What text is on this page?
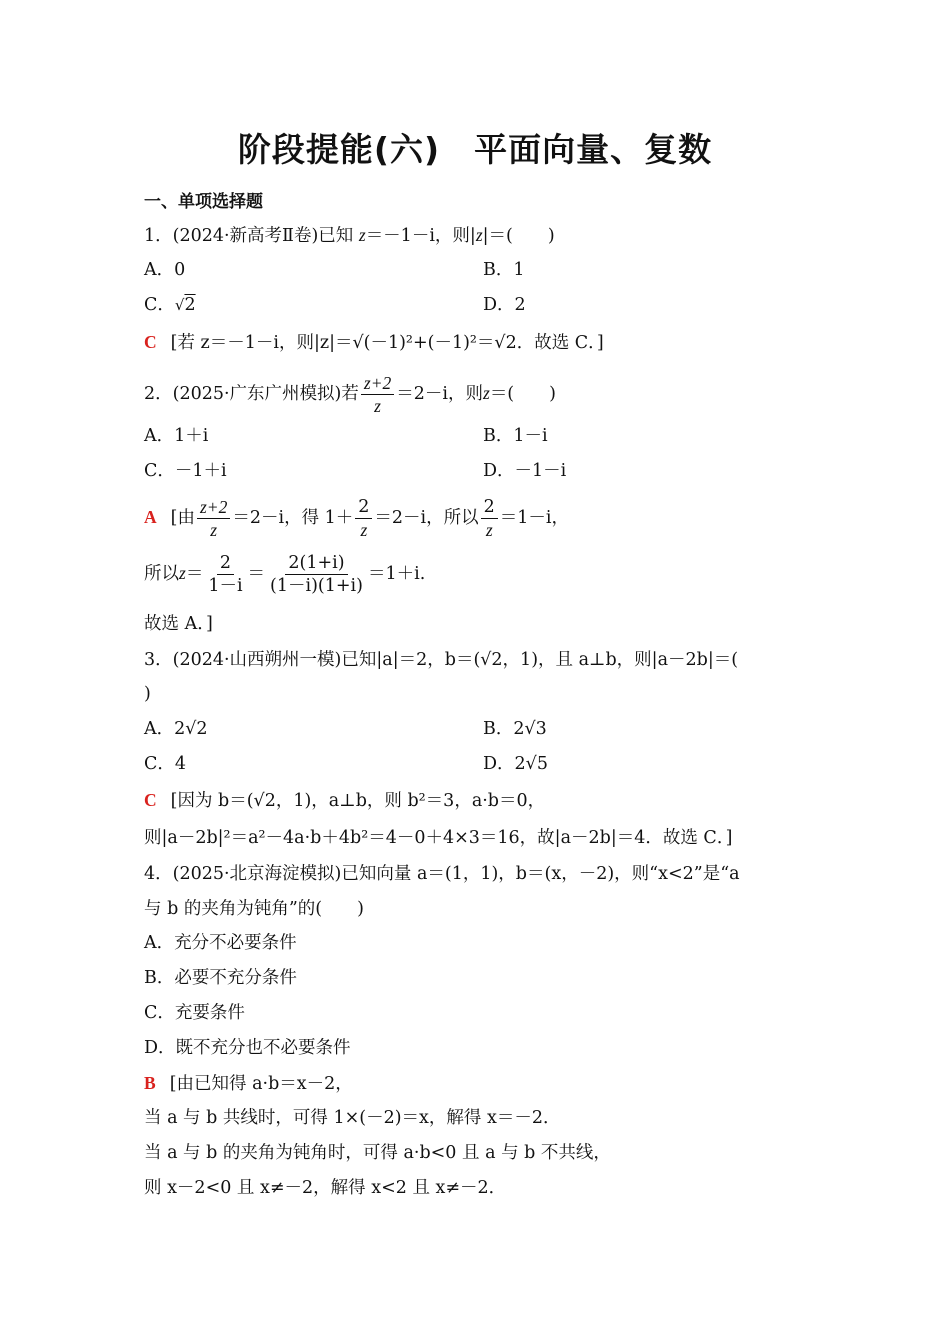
阶段提能(六)　平面向量、复数
一、单项选择题
1．(2024·新高考Ⅱ卷)已知 z＝－1－i，则|z|＝(　　)
A．0	B．1
C．√2	D．2
C [若 z＝－1－i，则|z|＝√(－1)²+(－1)²＝√2．故选 C．]
2．(2025·广东广州模拟)若 $\frac{z+2}{z} =2-i$，则z＝(　　)
A．1＋i	B．1－i
C．－1＋i	D．－1－i
A [由 $\frac{z+2}{z} =2-i$，得 $1+ \frac{2}{z} =2-i$，所以 $\frac{2}{z} =1-i$，
所以$z= \frac{2}{1-i} = \frac{2(1+i)}{(1-i)(1+i)} =1+i$.
故选 A．]
3．(2024·山西朔州一模)已知|a|＝2，b＝(√2，1)，且 a⊥b，则|a－2b|＝(
)
A．2√2	B．2√3
C．4	D．2√5
C [因为 b＝(√2，1)，a⊥b，则 b²＝3，a·b＝0，
则|a－2b|²＝a²－4a·b＋4b²＝4－0＋4×3＝16，故|a－2b|＝4．故选 C．]
4．(2025·北京海淀模拟)已知向量 a＝(1，1)，b＝(x，－2)，则“x<2”是“a
与 b 的夹角为钝角”的(　　)
A．充分不必要条件
B．必要不充分条件
C．充要条件
D．既不充分也不必要条件
B [由已知得 a·b＝x－2，
当 a 与 b 共线时，可得 1×(－2)＝x，解得 x＝－2．
当 a 与 b 的夹角为钝角时，可得 a·b<0 且 a 与 b 不共线，
则 x－2<0 且 x≠－2，解得 x<2 且 x≠－2．
